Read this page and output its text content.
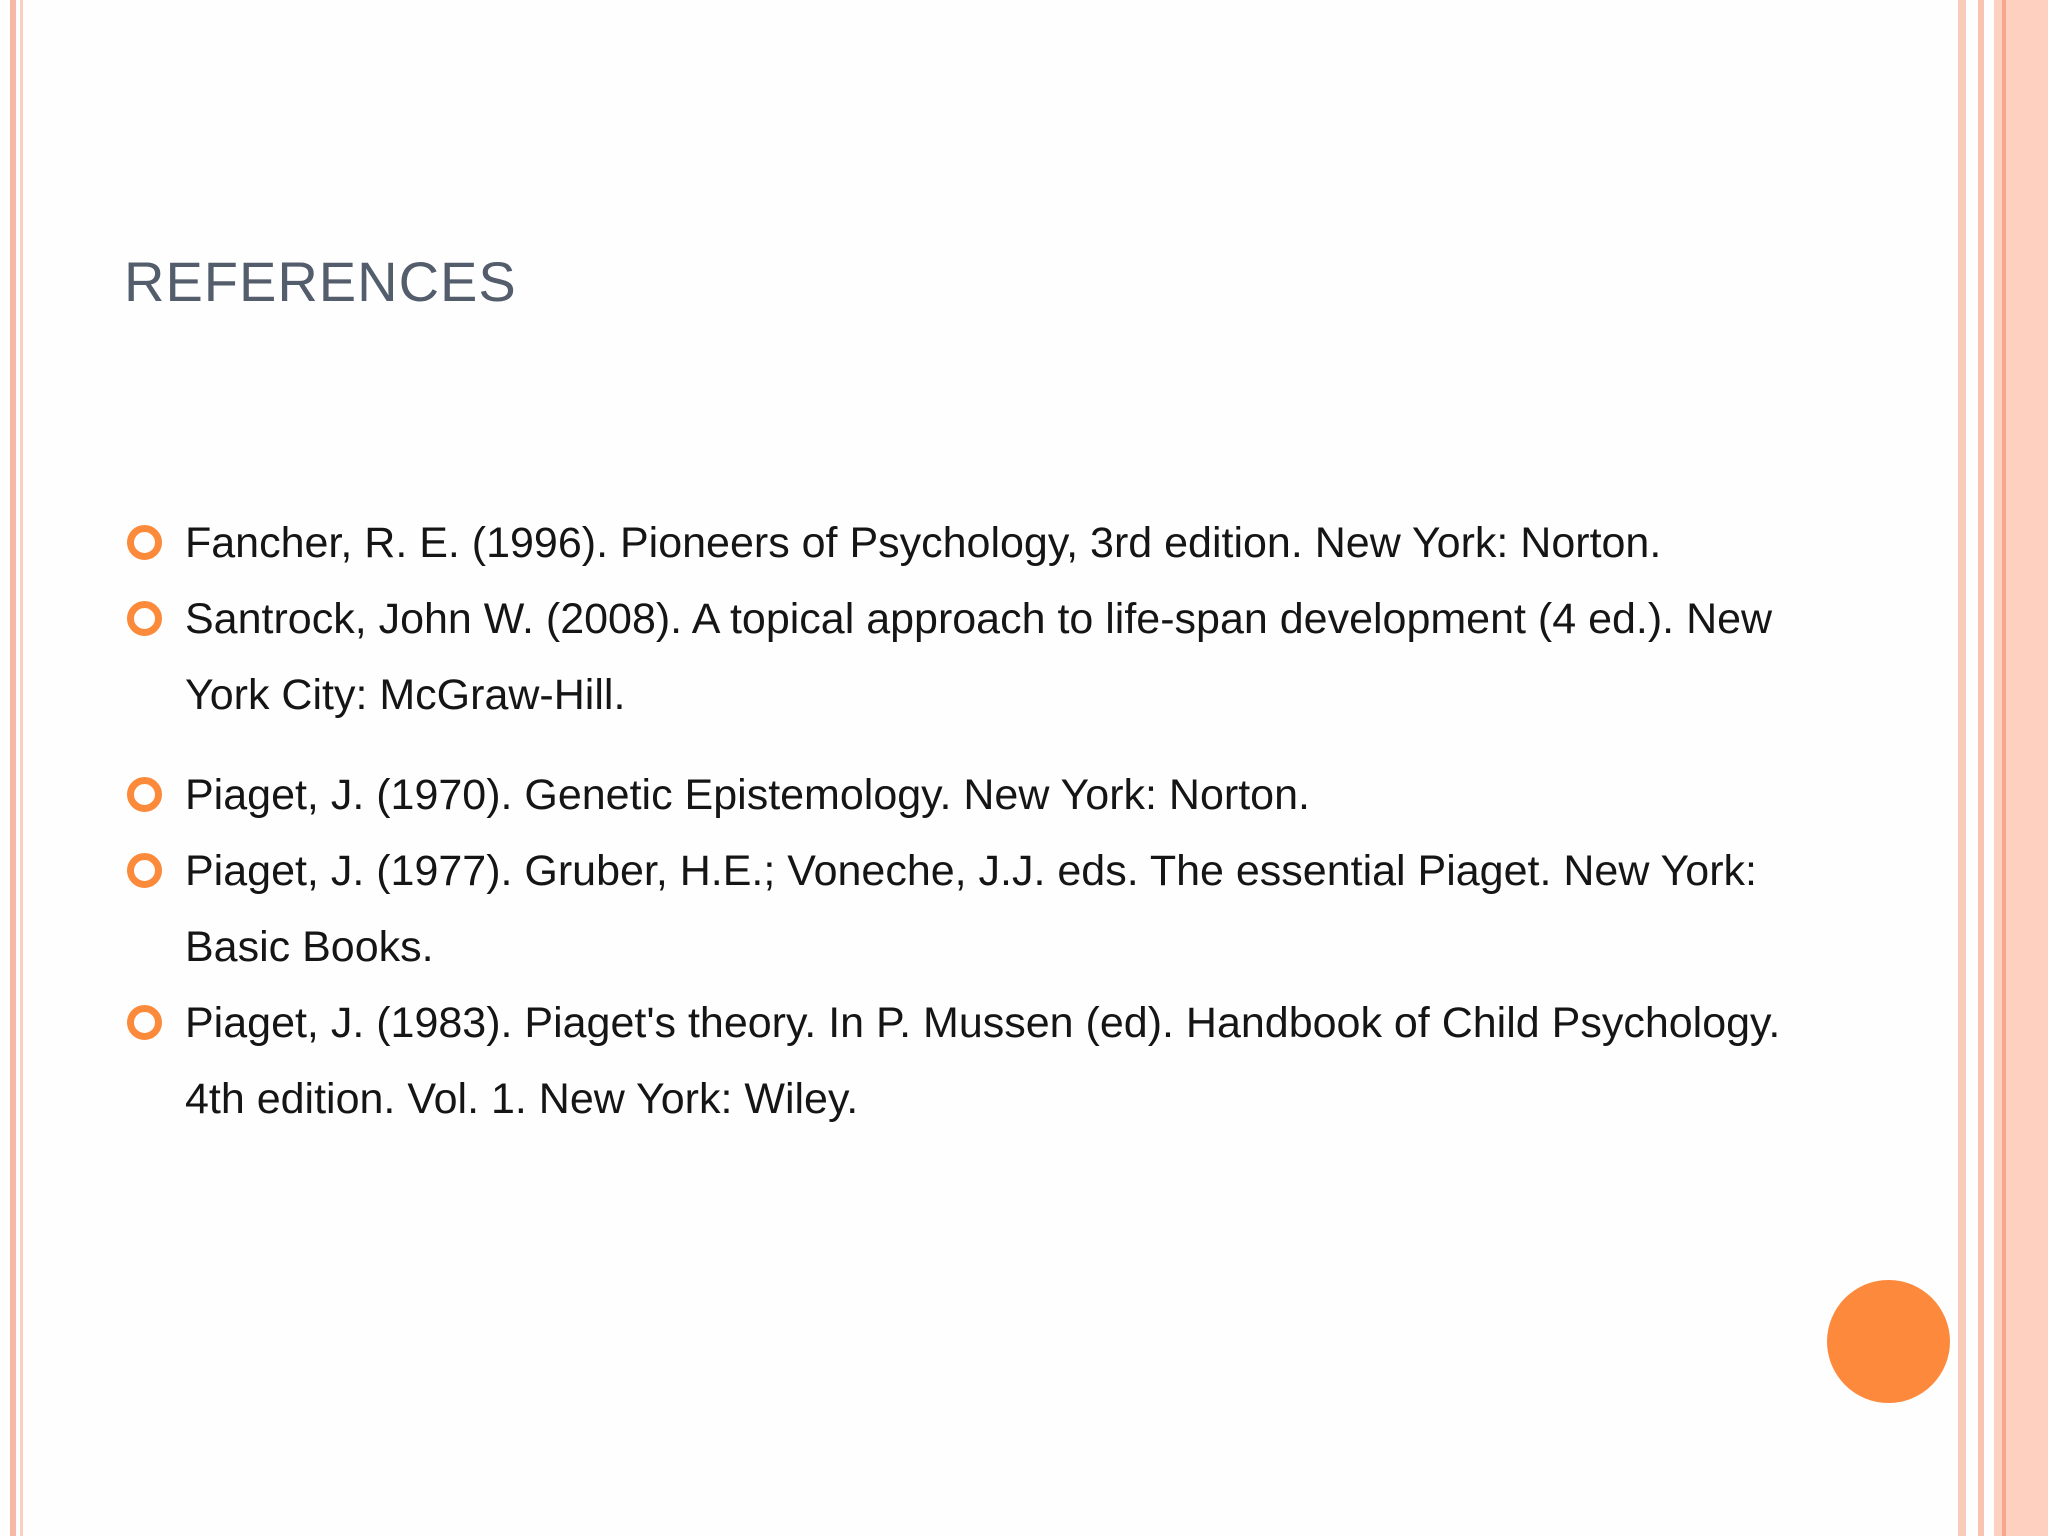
REFERENCES
Fancher, R. E. (1996). Pioneers of Psychology, 3rd edition. New York: Norton.
Santrock, John W. (2008). A topical approach to life-span development (4 ed.). New York City: McGraw-Hill.
Piaget, J. (1970). Genetic Epistemology. New York: Norton.
Piaget, J. (1977). Gruber, H.E.; Voneche, J.J. eds. The essential Piaget. New York: Basic Books.
Piaget, J. (1983). Piaget's theory. In P. Mussen (ed). Handbook of Child Psychology. 4th edition. Vol. 1. New York: Wiley.
